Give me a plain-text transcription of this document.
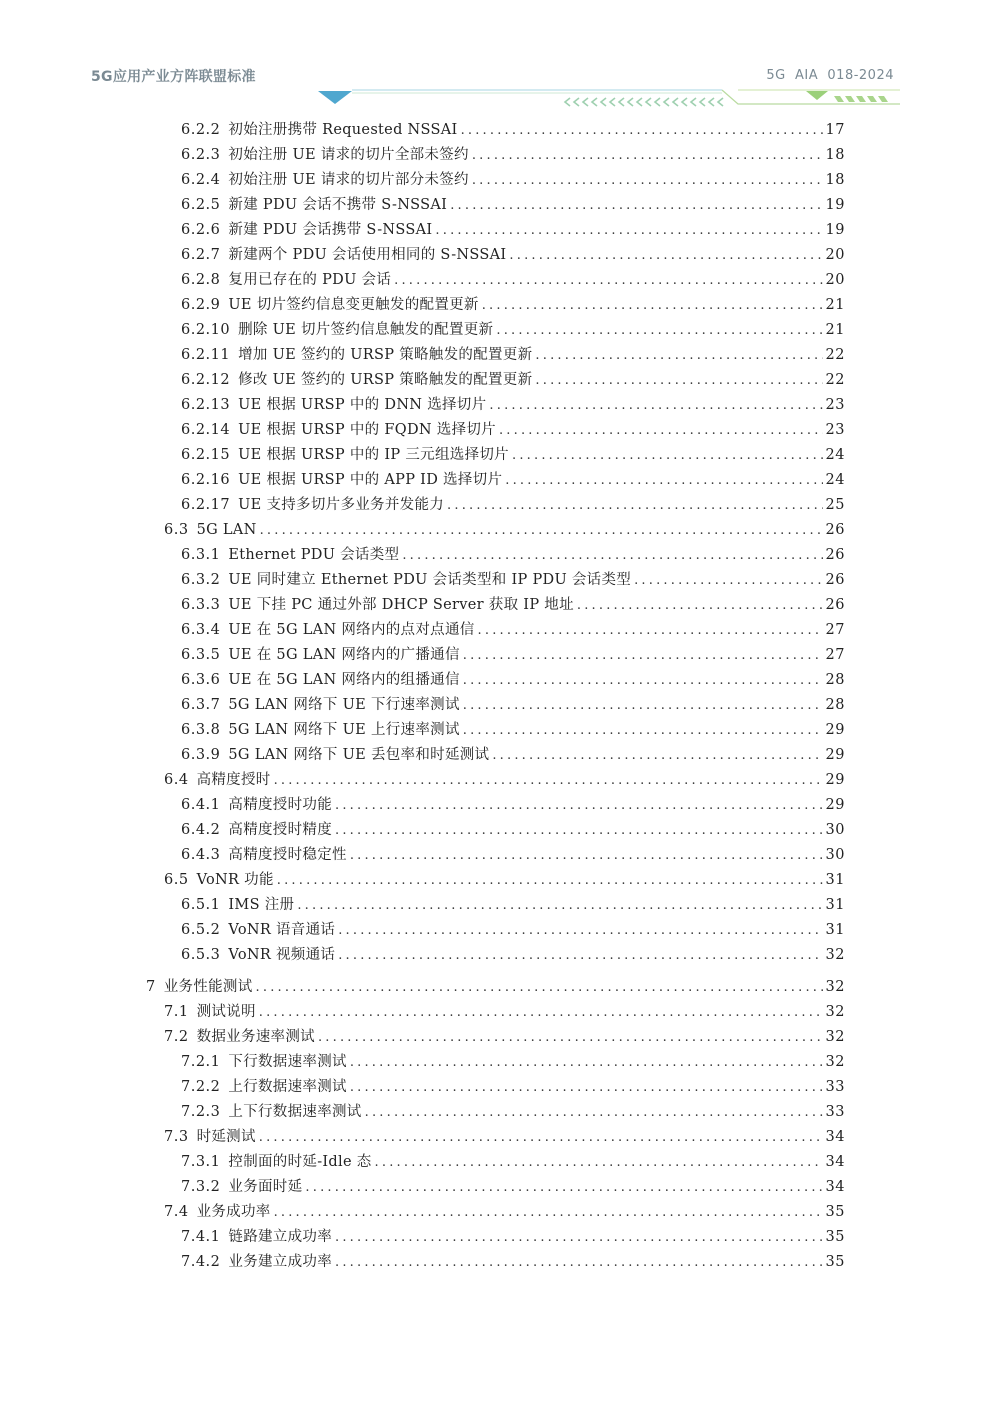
5G应用产业方阵联盟标准	5G  AIA  018-2024
6.2.2 初始注册携带 Requested NSSAI .....	17
6.2.3 初始注册 UE 请求的切片全部未签约 .....	18
6.2.4 初始注册 UE 请求的切片部分未签约 .....	18
6.2.5 新建 PDU 会话不携带 S-NSSAI .....	19
6.2.6 新建 PDU 会话携带 S-NSSAI .....	19
6.2.7 新建两个 PDU 会话使用相同的 S-NSSAI .....	20
6.2.8 复用已存在的 PDU 会话 .....	20
6.2.9 UE 切片签约信息变更触发的配置更新 .....	21
6.2.10 删除 UE 切片签约信息触发的配置更新 .....	21
6.2.11 增加 UE 签约的 URSP 策略触发的配置更新 .....	22
6.2.12 修改 UE 签约的 URSP 策略触发的配置更新 .....	22
6.2.13 UE 根据 URSP 中的 DNN 选择切片 .....	23
6.2.14 UE 根据 URSP 中的 FQDN 选择切片 .....	23
6.2.15 UE 根据 URSP 中的 IP 三元组选择切片 .....	24
6.2.16 UE 根据 URSP 中的 APP ID 选择切片 .....	24
6.2.17 UE 支持多切片多业务并发能力 .....	25
6.3 5G LAN .....	26
6.3.1 Ethernet PDU 会话类型 .....	26
6.3.2 UE 同时建立 Ethernet PDU 会话类型和 IP PDU 会话类型 .....	26
6.3.3 UE 下挂 PC 通过外部 DHCP Server 获取 IP 地址 .....	26
6.3.4 UE 在 5G LAN 网络内的点对点通信 .....	27
6.3.5 UE 在 5G LAN 网络内的广播通信 .....	27
6.3.6 UE 在 5G LAN 网络内的组播通信 .....	28
6.3.7 5G LAN 网络下 UE 下行速率测试 .....	28
6.3.8 5G LAN 网络下 UE 上行速率测试 .....	29
6.3.9 5G LAN 网络下 UE 丢包率和时延测试 .....	29
6.4 高精度授时 .....	29
6.4.1 高精度授时功能 .....	29
6.4.2 高精度授时精度 .....	30
6.4.3 高精度授时稳定性 .....	30
6.5 VoNR 功能 .....	31
6.5.1 IMS 注册 .....	31
6.5.2 VoNR 语音通话 .....	31
6.5.3 VoNR 视频通话 .....	32
7 业务性能测试 .....	32
7.1 测试说明 .....	32
7.2 数据业务速率测试 .....	32
7.2.1 下行数据速率测试 .....	32
7.2.2 上行数据速率测试 .....	33
7.2.3 上下行数据速率测试 .....	33
7.3 时延测试 .....	34
7.3.1 控制面的时延-Idle 态 .....	34
7.3.2 业务面时延 .....	34
7.4 业务成功率 .....	35
7.4.1 链路建立成功率 .....	35
7.4.2 业务建立成功率 .....	35
